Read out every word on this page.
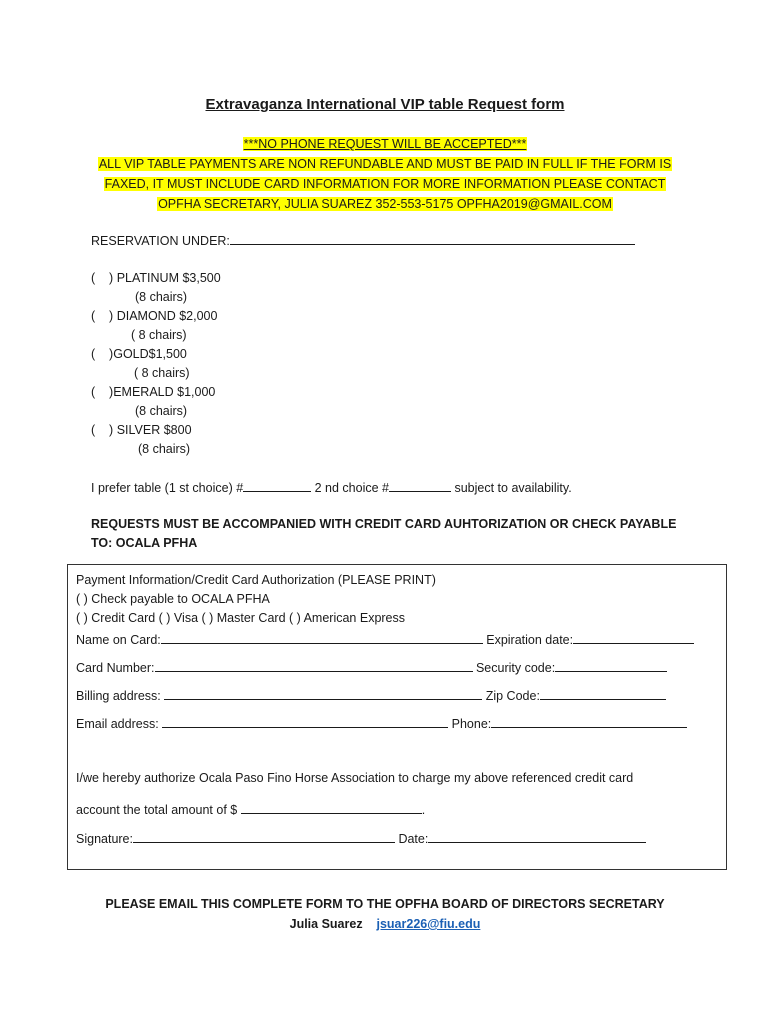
Extravaganza International VIP table Request form
***NO PHONE REQUEST WILL BE ACCEPTED***
ALL VIP TABLE PAYMENTS ARE NON REFUNDABLE AND MUST BE PAID IN FULL IF THE FORM IS
FAXED, IT MUST INCLUDE CARD INFORMATION FOR MORE INFORMATION PLEASE CONTACT
OPFHA SECRETARY, JULIA SUAREZ 352-553-5175 OPFHA2019@GMAIL.COM
RESERVATION UNDER:
(    ) PLATINUM $3,500
(8 chairs)
(    ) DIAMOND $2,000
( 8 chairs)
(    )GOLD$1,500
( 8 chairs)
(    )EMERALD $1,000
(8 chairs)
(    ) SILVER $800
(8 chairs)
I prefer table (1 st choice) #	2 nd choice #	subject to availability.
REQUESTS MUST BE ACCOMPANIED WITH CREDIT CARD AUHTORIZATION OR CHECK PAYABLE TO: OCALA PFHA
Payment Information/Credit Card Authorization (PLEASE PRINT)
( ) Check payable to OCALA PFHA
( ) Credit Card ( ) Visa ( ) Master Card ( ) American Express
Name on Card:	Expiration date:
Card Number:	Security code:
Billing address:	Zip Code:
Email address:	Phone:
I/we hereby authorize Ocala Paso Fino Horse Association to charge my above referenced credit card
account the total amount of $	.
Signature:	Date:
PLEASE EMAIL THIS COMPLETE FORM TO THE OPFHA BOARD OF DIRECTORS SECRETARY
Julia Suarez jsuar226@fiu.edu
